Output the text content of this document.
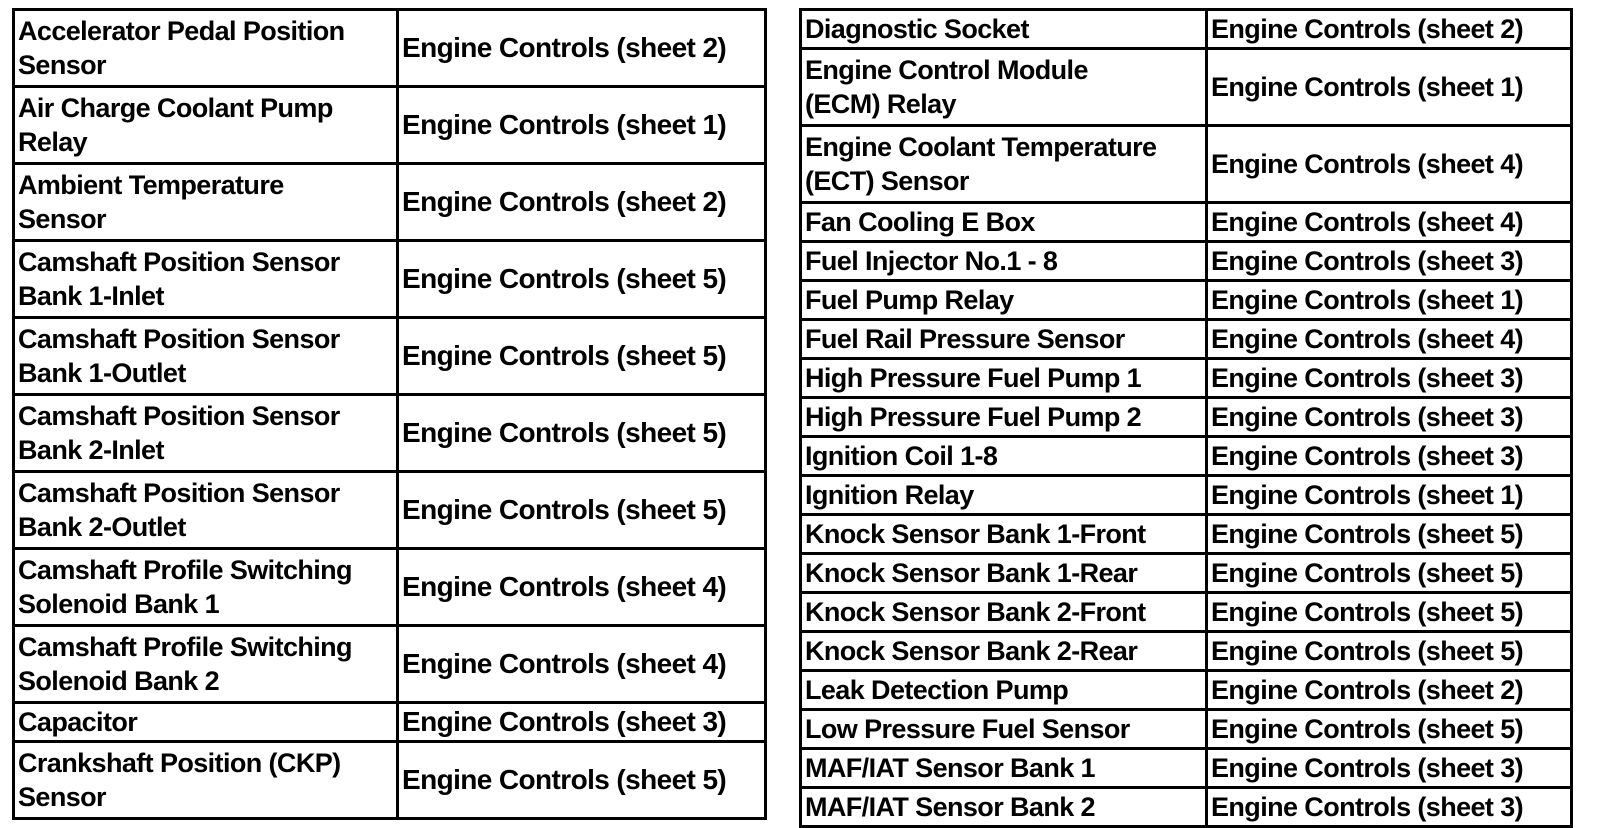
Accelerator Pedal Position
Sensor	Engine Controls (sheet 2)
Air Charge Coolant Pump
Relay	Engine Controls (sheet 1)
Ambient Temperature
Sensor	Engine Controls (sheet 2)
Camshaft Position Sensor
Bank 1-Inlet	Engine Controls (sheet 5)
Camshaft Position Sensor
Bank 1-Outlet	Engine Controls (sheet 5)
Camshaft Position Sensor
Bank 2-Inlet	Engine Controls (sheet 5)
Camshaft Position Sensor
Bank 2-Outlet	Engine Controls (sheet 5)
Camshaft Profile Switching
Solenoid Bank 1	Engine Controls (sheet 4)
Camshaft Profile Switching
Solenoid Bank 2	Engine Controls (sheet 4)
Capacitor	Engine Controls (sheet 3)
Crankshaft Position (CKP)
Sensor	Engine Controls (sheet 5)
Diagnostic Socket	Engine Controls (sheet 2)
Engine Control Module
(ECM) Relay	Engine Controls (sheet 1)
Engine Coolant Temperature
(ECT) Sensor	Engine Controls (sheet 4)
Fan Cooling E Box	Engine Controls (sheet 4)
Fuel Injector No.1 - 8	Engine Controls (sheet 3)
Fuel Pump Relay	Engine Controls (sheet 1)
Fuel Rail Pressure Sensor	Engine Controls (sheet 4)
High Pressure Fuel Pump 1	Engine Controls (sheet 3)
High Pressure Fuel Pump 2	Engine Controls (sheet 3)
Ignition Coil 1-8	Engine Controls (sheet 3)
Ignition Relay	Engine Controls (sheet 1)
Knock Sensor Bank 1-Front	Engine Controls (sheet 5)
Knock Sensor Bank 1-Rear	Engine Controls (sheet 5)
Knock Sensor Bank 2-Front	Engine Controls (sheet 5)
Knock Sensor Bank 2-Rear	Engine Controls (sheet 5)
Leak Detection Pump	Engine Controls (sheet 2)
Low Pressure Fuel Sensor	Engine Controls (sheet 5)
MAF/IAT Sensor Bank 1	Engine Controls (sheet 3)
MAF/IAT Sensor Bank 2	Engine Controls (sheet 3)
